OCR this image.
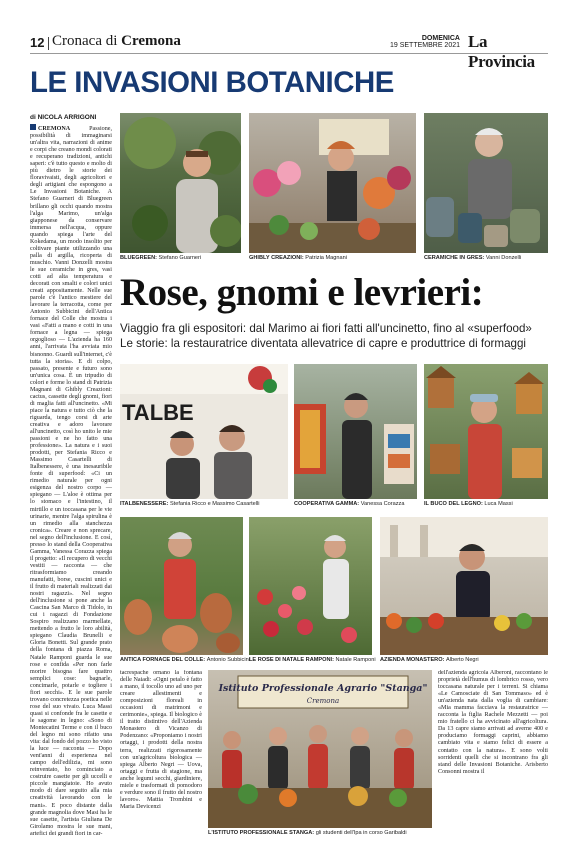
12 Cronaca di Cremona	DOMENICA
19 SETTEMBRE 2021 La Provincia
LE INVASIONI BOTANICHE
di NICOLA ARRIGONI
CREMONA	Passione, possibilità di immaginarsi un'altra vita, narrazioni di anime e corpi che creano mondi colorati e recuperano tradizioni, antichi saperi: c'è tutto questo e molto di più dietro le storie dei floravivaisti, degli agricoltori e degli artigiani che espongono a Le Invasioni Botaniche. A Stefano Guarneri di Bluegreen brillano gli occhi quando mostra l'alga Marimo, un'alga giapponese da conservare immersa nell'acqua, oppure quando spiega l'arte del Kokedama, un modo insolito per coltivare piante utilizzando una palla di argilla, ricoperta di muschio. Vanni Donzelli mostra le sue ceramiche in gres, vasi cotti ad alta temperatura e decorati con smalti e colori unici creati appositamente. Nelle sue parole c'è l'antico mestiere del lavorare la terracotta, come per Antonio Subbicini dell'Antica fornace del Colle che mostra i vasi «Fatti a mano e cotti in una fornace a legna — spiega orgoglioso — L'azienda ha 160 anni, l'arrivata l'ha avviata mio bisnonno. Guardi sull'internet, c'è tutta la storia». E di colpo, passato, presente e futuro sono un'unica cosa. È un tripudio di colori e forme lo stand di Patrizia Magnani di Ghibly Creazioni: cactus, cassette degli gnomi, fiori di maglia fatti all'uncinetto. «Mi piace la natura e tutto ciò che la riguarda, tengo corsi di arte creativa e adoro lavorare all'uncinetto, così ho unito le mie passioni e ne ho fatto una professione». La natura e i suoi prodotti, per Stefania Ricco e Massimo Casartelli di Italbenessere, è una inesauribile fonte di superfood: «Ci un rimedio naturale per ogni esigenza del nostro corpo — spiegano — L'aloe è ottima per lo stomaco e l'intestino, il mirtillo e un toccasana per le vie urinarie, mentre l'alga spirulina è un rimedio alla stanchezza cronica». Creare e non sprecare, nel segno dell'inclusione. E così, presso lo stand della Cooperativa Gamma, Vanessa Corazza spiega il progetto: «Il recupero di vecchi vestiti — racconta — che ritrasformiamo creando manufatti, borse, cuscini unici e il frutto di materiali realizzati dai nostri ragazzi». Nel segno dell'inclusione si pone anche la Cascina San Marco di Tidolo, in cui i ragazzi di Fondazione Sospiro realizzano marmellate, mettendo a frutto le loro abilità, spiegano Claudia Brunelli e Gloria Bonetti. Sul grande prato della fontana di piazza Roma, Natale Ramponi guarda le sue rose e confida «Per non farle morire bisogna fare quattro semplici cose: bagnarle, concimarle, potarle e togliere i fiori secchi». E le sue parole trovano concretezza poetica nelle rose del suo vivaio. Luca Massi quasi si confonde fra le casette e le sagome in legno: «Sono di Montecatini Terme e con il buco del legno mi sono rifatto una vita: dal fondo del pozzo ho visto la luce — racconta — Dopo vent'anni di esperienza nel campo dell'edilizia, mi sono reinventato, ho cominciato a costruire casette per gli uccelli e piccole mangiatoie. Ho avuto modo di dare seguito alla mia creatività lavorando con le mani». E poco distante dalla grande magnolia dove Masi ha le sue casette, l'artista Giuliana De Girolamo mostra le sue mani, artefici dei grandi fiori in car-
BLUEGREEN: Stefano Guarneri	GHIBLY CREAZIONI: Patrizia Magnani	CERAMICHE IN GRES: Vanni Donzelli
Rose, gnomi e levrieri:
Viaggio fra gli espositori: dal Marimo ai fiori fatti all'uncinetto, fino al «superfood»
Le storie: la restauratrice diventata allevatrice di capre e produttrice di formaggi
TALBE
ITALBENESSERE: Stefania Ricco e Massimo Casartelli	COOPERATIVA GAMMA: Vanessa Corazza	IL BUCO DEL LEGNO: Luca Massi
ANTICA FORNACE DEL COLLE: Antonio Subbicini LE ROSE DI NATALE RAMPONI: Natale Ramponi AZIENDA MONASTERO: Alberto Negri
tacrespache ornano la fontana delle Naiadi: «Ogni petalo è fatto a mano, il tocollo uno ad uno per creare allestimenti e composizioni floreali in occasioni di matrimoni e cerimonie», spiega. Il biologico è il tratto distintivo dell'Azienda Monastero di Vicanzo di Podenzano: «Proponiamo i nostri ortaggi, i prodotti della nostra terra, realizzati rigorosamente con un'agricoltura biologica — spiega Alberto Negri — Uova, ortaggi e frutta di stagione, ma anche legumi secchi, giardiniere, miele e trasformati di pomodoro e verdure sono il frutto del nostro lavoro». Mattia Trombini e Maria Devicenzi
Istituto Professionale Agrario "Stanga"
Cremona
L'ISTITUTO PROFESSIONALE STANGA: gli studenti dell'Ipa in corso Garibaldi
dell'azienda agricola Alberoni, raccontano le proprietà dell'humus di lombrico rosso, vero toccasana naturale per i terreni. Si chiama «Le Camosciate di San Tommaso» ed è un'azienda nata dalla voglia di cambiare: «Mia mamma facciava la restauratrice — racconta la figlia Rachele Mezzetti — poi mio fratello ci ha avvicinato all'agricoltura. Da 13 capre siamo arrivati ad averne 400 e produciamo formaggi caprini, abbiamo cambiato vita e siamo felici di essere a contatto con la natura». E sono volti sorridenti quelli che si incontrano fra gli stand delle Invasioni Botaniche. Arisberto Consonni mostra il
